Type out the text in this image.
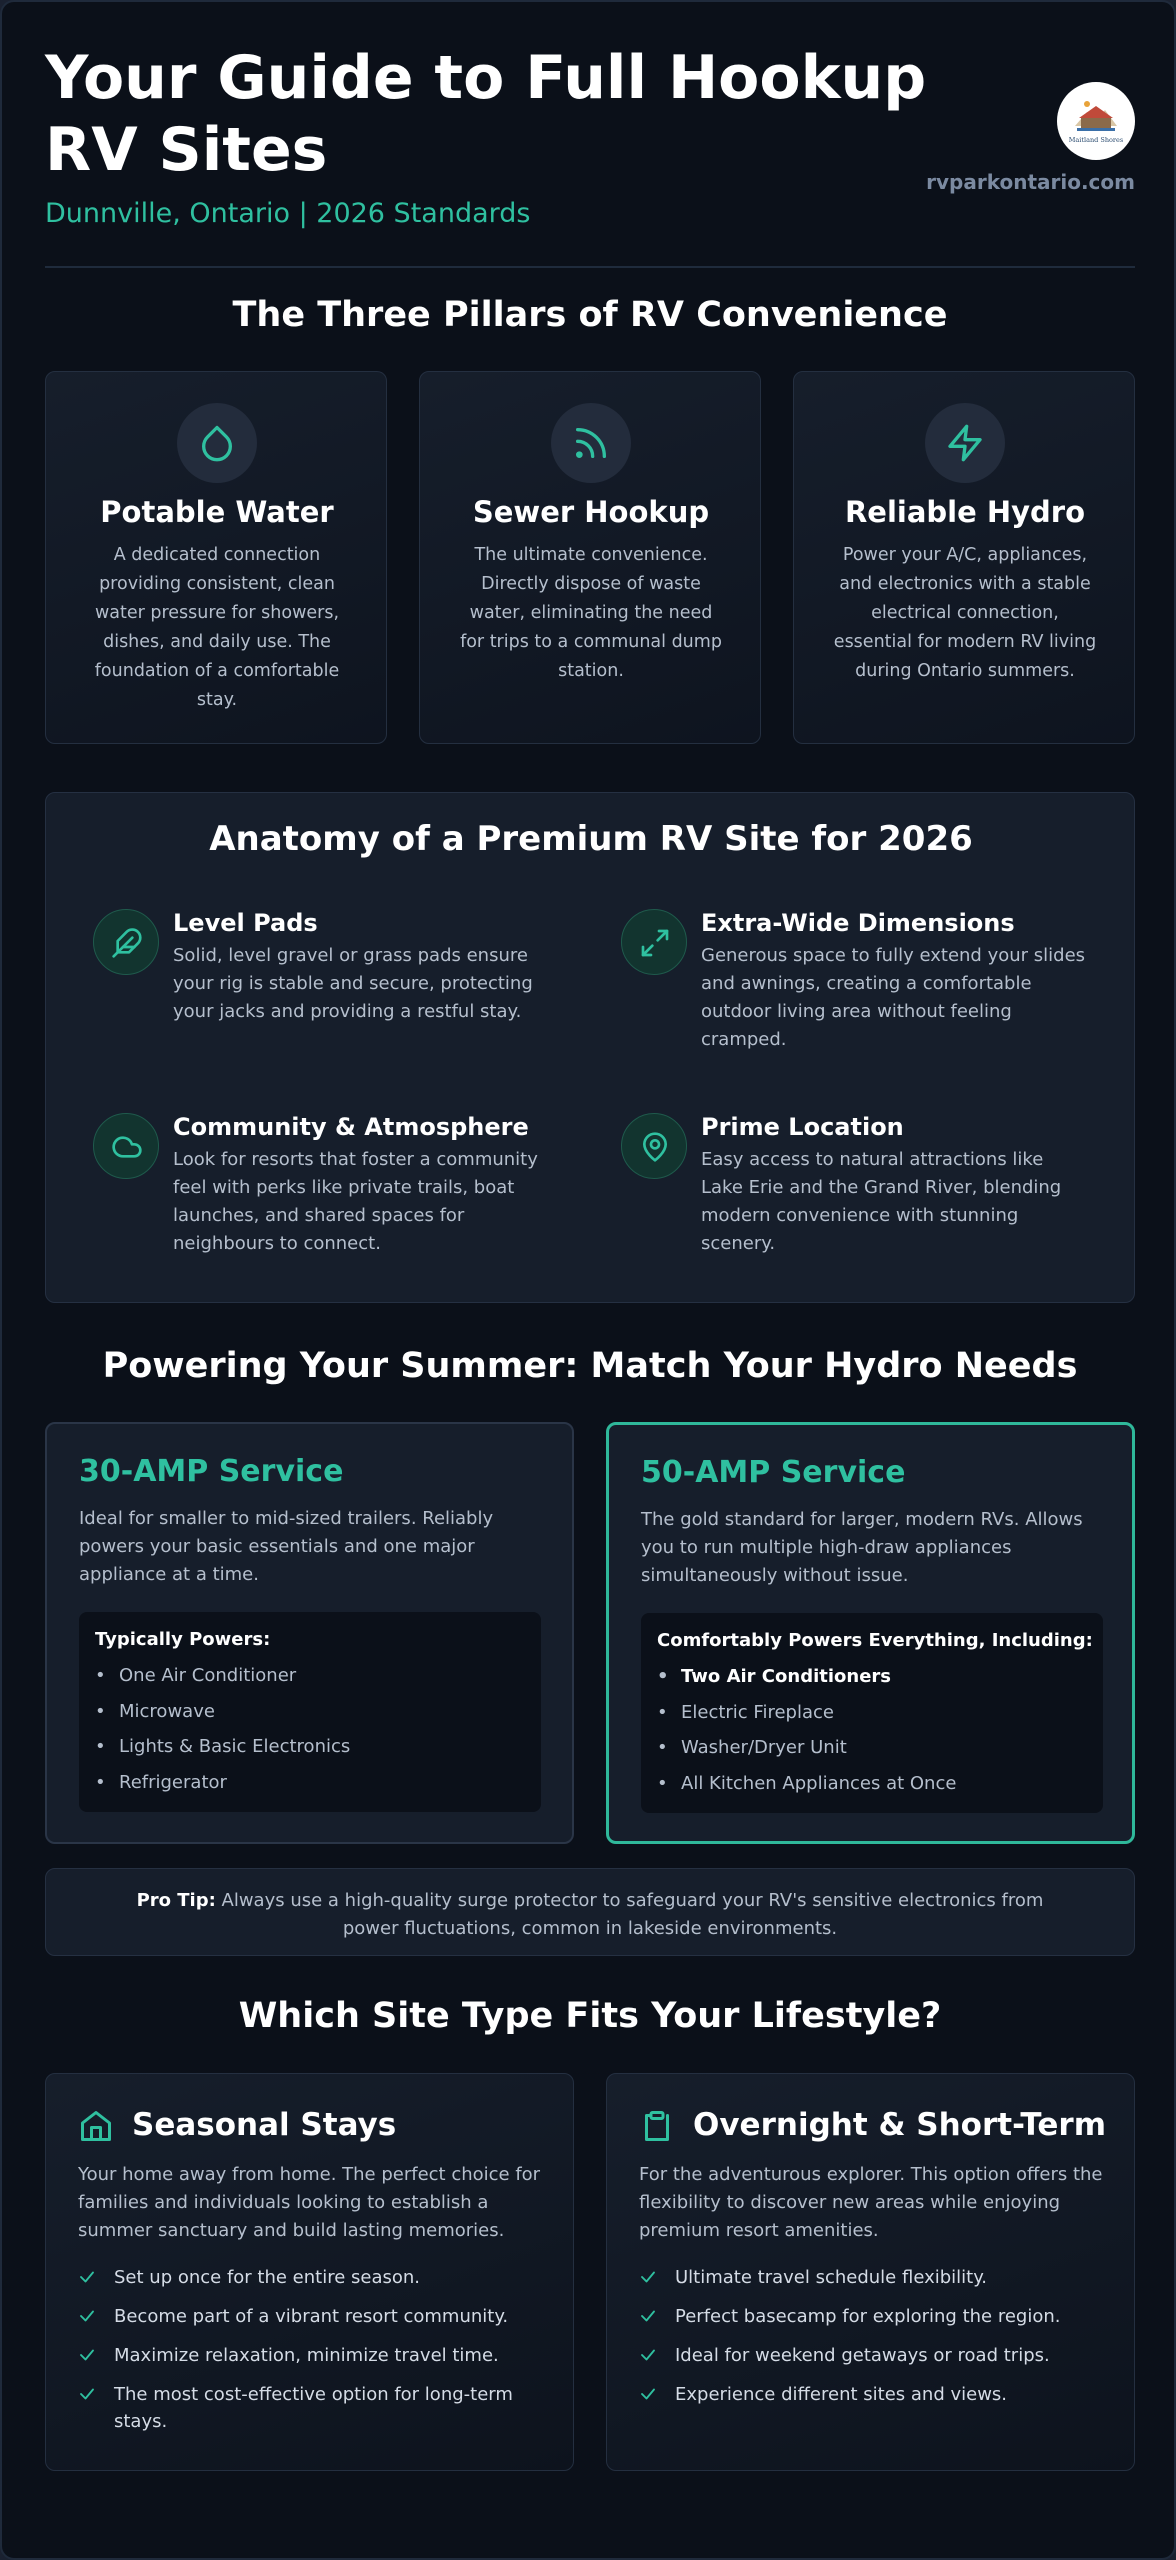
Your Guide to Full Hookup RV Sites
Dunnville, Ontario | 2026 Standards
Maitland Shores
rvparkontario.com
The Three Pillars of RV Convenience
Potable Water
A dedicated connection providing consistent, clean water pressure for showers, dishes, and daily use. The foundation of a comfortable stay.
Sewer Hookup
The ultimate convenience. Directly dispose of waste water, eliminating the need for trips to a communal dump station.
Reliable Hydro
Power your A/C, appliances, and electronics with a stable electrical connection, essential for modern RV living during Ontario summers.
Anatomy of a Premium RV Site for 2026
Level Pads
Solid, level gravel or grass pads ensure your rig is stable and secure, protecting your jacks and providing a restful stay.
Extra-Wide Dimensions
Generous space to fully extend your slides and awnings, creating a comfortable outdoor living area without feeling cramped.
Community & Atmosphere
Look for resorts that foster a community feel with perks like private trails, boat launches, and shared spaces for neighbours to connect.
Prime Location
Easy access to natural attractions like Lake Erie and the Grand River, blending modern convenience with stunning scenery.
Powering Your Summer: Match Your Hydro Needs
30-AMP Service
Ideal for smaller to mid-sized trailers. Reliably powers your basic essentials and one major appliance at a time.
Typically Powers:
• One Air Conditioner
• Microwave
• Lights & Basic Electronics
• Refrigerator
50-AMP Service
The gold standard for larger, modern RVs. Allows you to run multiple high-draw appliances simultaneously without issue.
Comfortably Powers Everything, Including:
• Two Air Conditioners
• Electric Fireplace
• Washer/Dryer Unit
• All Kitchen Appliances at Once
Pro Tip: Always use a high-quality surge protector to safeguard your RV's sensitive electronics from power fluctuations, common in lakeside environments.
Which Site Type Fits Your Lifestyle?
Seasonal Stays
Your home away from home. The perfect choice for families and individuals looking to establish a summer sanctuary and build lasting memories.
Set up once for the entire season.
Become part of a vibrant resort community.
Maximize relaxation, minimize travel time.
The most cost-effective option for long-term stays.
Overnight & Short-Term
For the adventurous explorer. This option offers the flexibility to discover new areas while enjoying premium resort amenities.
Ultimate travel schedule flexibility.
Perfect basecamp for exploring the region.
Ideal for weekend getaways or road trips.
Experience different sites and views.
